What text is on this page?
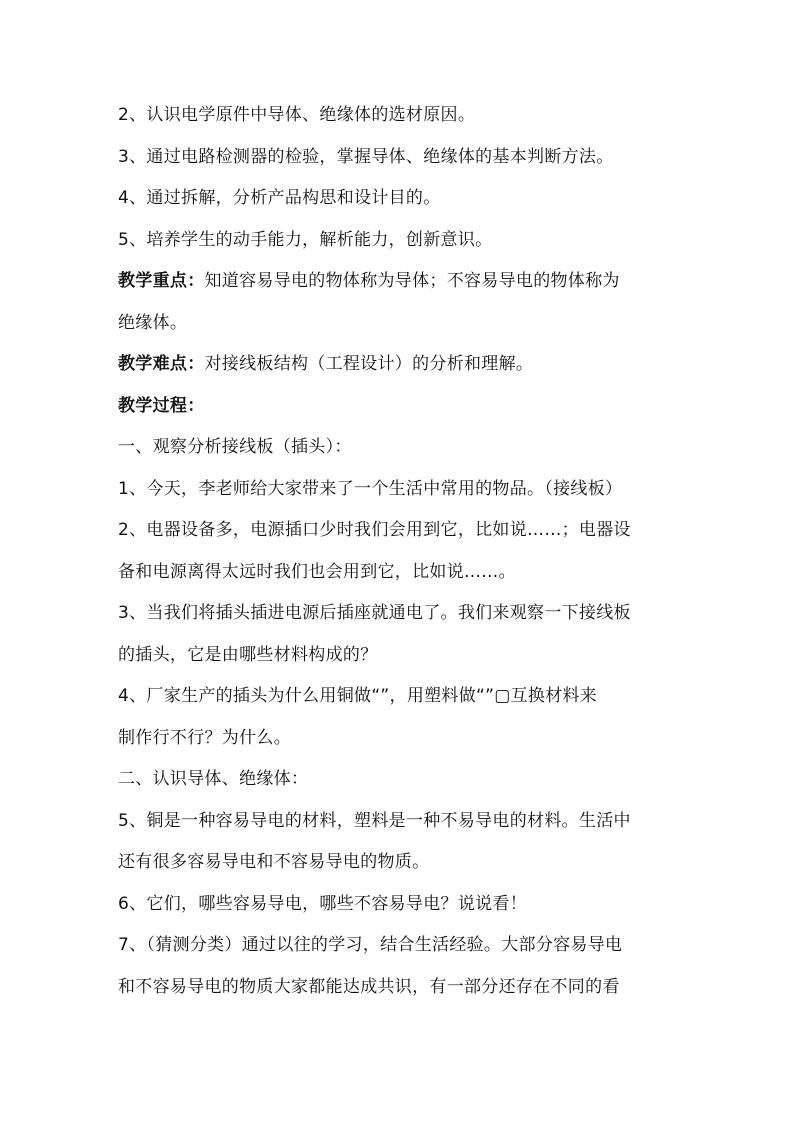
2、认识电学原件中导体、绝缘体的选材原因。
3、通过电路检测器的检验，掌握导体、绝缘体的基本判断方法。
4、通过拆解，分析产品构思和设计目的。
5、培养学生的动手能力，解析能力，创新意识。
教学重点：知道容易导电的物体称为导体；不容易导电的物体称为
绝缘体。
教学难点：对接线板结构（工程设计）的分析和理解。
教学过程：
一、观察分析接线板（插头）：
1、今天，李老师给大家带来了一个生活中常用的物品。（接线板）
2、电器设备多，电源插口少时我们会用到它，比如说……；电器设
备和电源离得太远时我们也会用到它，比如说……。
3、当我们将插头插进电源后插座就通电了。我们来观察一下接线板
的插头，它是由哪些材料构成的？
4、厂家生产的插头为什么用铜做“”，用塑料做“”▢互换材料来
制作行不行？为什么。
二、认识导体、绝缘体：
5、铜是一种容易导电的材料，塑料是一种不易导电的材料。生活中
还有很多容易导电和不容易导电的物质。
6、它们，哪些容易导电，哪些不容易导电？说说看！
7、（猜测分类）通过以往的学习，结合生活经验。大部分容易导电
和不容易导电的物质大家都能达成共识，有一部分还存在不同的看
